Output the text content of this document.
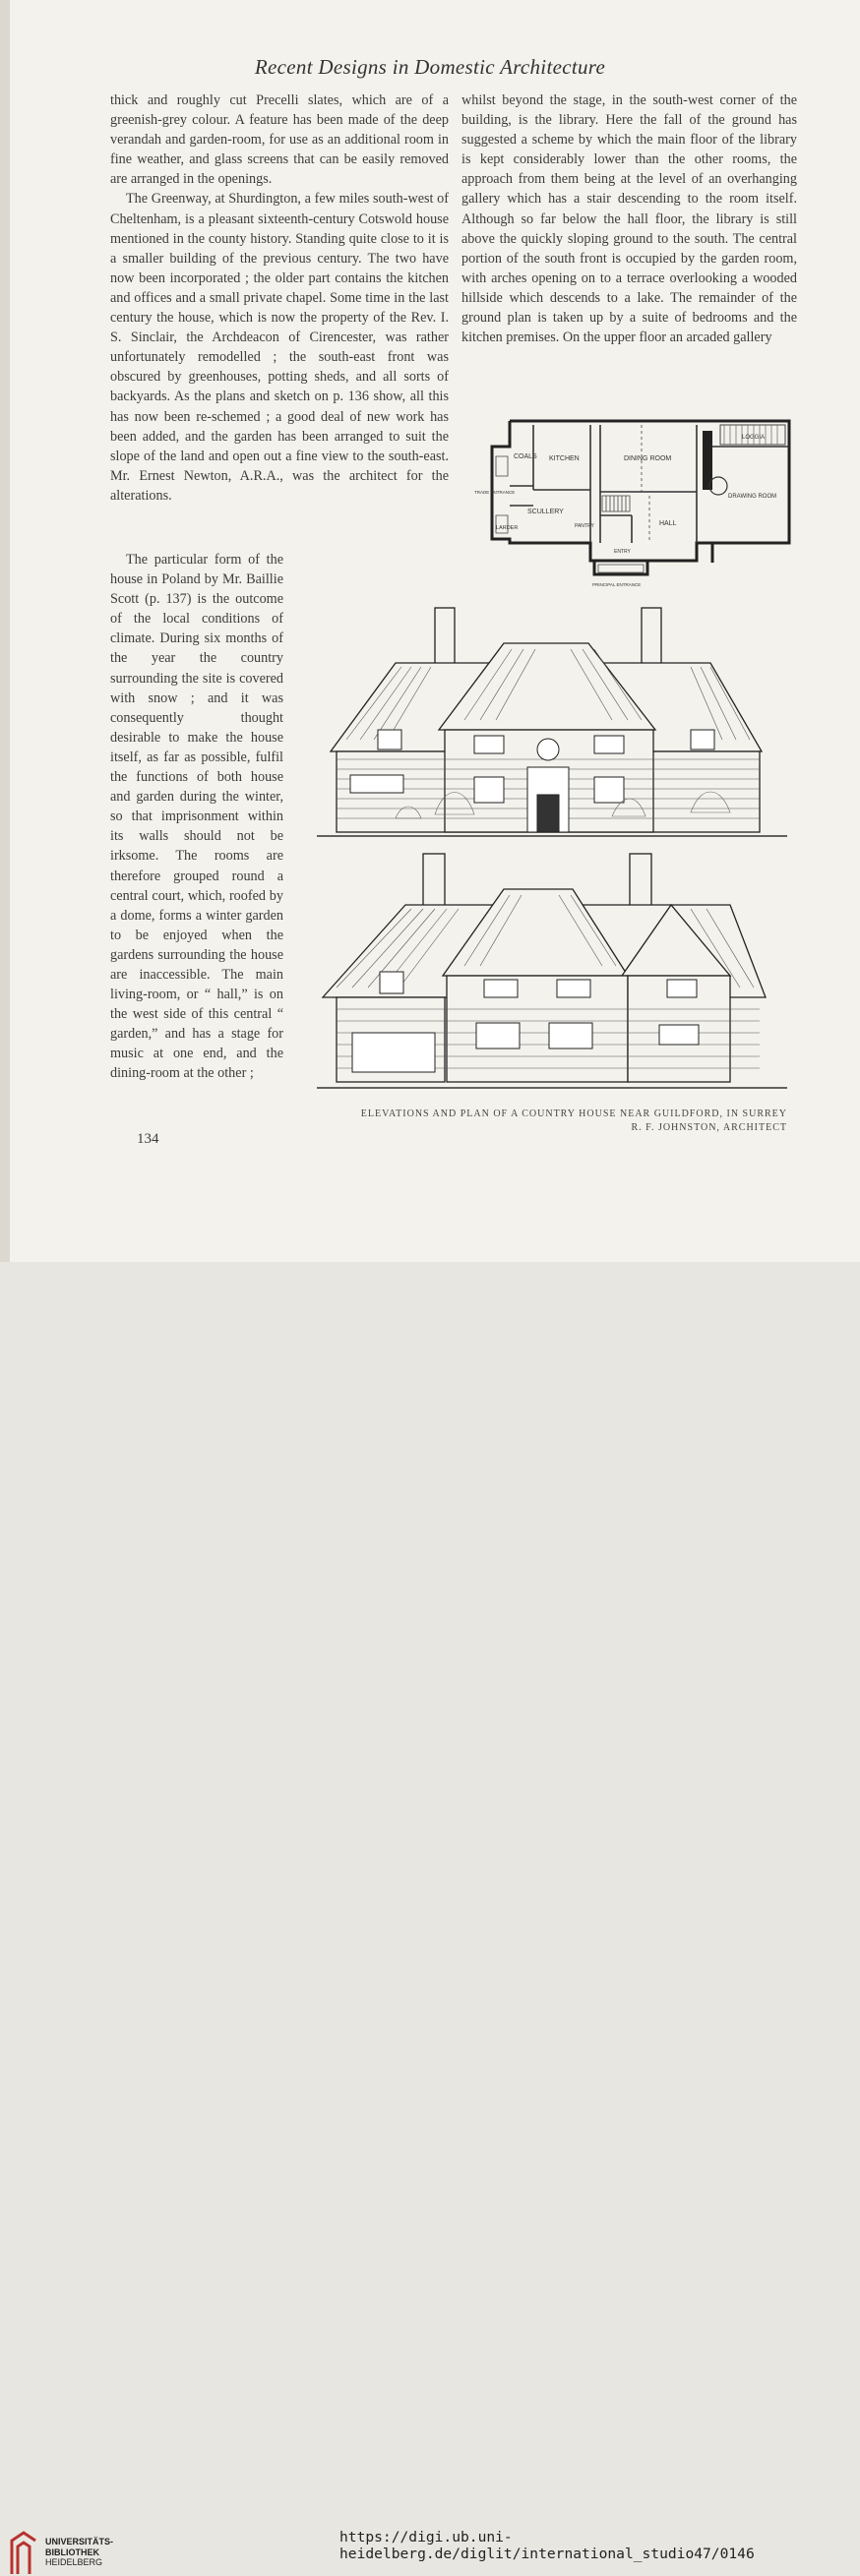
Recent Designs in Domestic Architecture

thick and roughly cut Precelli slates, which are of a greenish-grey colour. A feature has been made of the deep verandah and garden-room, for use as an additional room in fine weather, and glass screens that can be easily removed are arranged in the openings.

The Greenway, at Shurdington, a few miles south-west of Cheltenham, is a pleasant sixteenth-century Cotswold house mentioned in the county history. Standing quite close to it is a smaller building of the previous century. The two have now been incorporated ; the older part contains the kitchen and offices and a small private chapel. Some time in the last century the house, which is now the property of the Rev. I. S. Sinclair, the Archdeacon of Cirencester, was rather unfortunately remodelled ; the south-east front was obscured by greenhouses, potting sheds, and all sorts of backyards. As the plans and sketch on p. 136 show, all this has now been re-schemed ; a good deal of new work has been added, and the garden has been arranged to suit the slope of the land and open out a fine view to the south-east. Mr. Ernest Newton, A.R.A., was the architect for the alterations.

The particular form of the house in Poland by Mr. Baillie Scott (p. 137) is the outcome of the local conditions of climate. During six months of the year the country surrounding the site is covered with snow ; and it was consequently thought desirable to make the house itself, as far as possible, fulfil the functions of both house and garden during the winter, so that imprisonment within its walls should not be irksome. The rooms are therefore grouped round a central court, which, roofed by a dome, forms a winter garden to be enjoyed when the gardens surrounding the house are inaccessible. The main living-room, or “ hall,” is on the west side of this central “ garden,” and has a stage for music at one end, and the dining-room at the other ;

whilst beyond the stage, in the south-west corner of the building, is the library. Here the fall of the ground has suggested a scheme by which the main floor of the library is kept considerably lower than the other rooms, the approach from them being at the level of an overhanging gallery which has a stair descending to the room itself. Although so far below the hall floor, the library is still above the quickly sloping ground to the south. The central portion of the south front is occupied by the garden room, with arches opening on to a terrace overlooking a wooded hillside which descends to a lake. The remainder of the ground plan is taken up by a suite of bedrooms and the kitchen premises. On the upper floor an arcaded gallery

COALS KITCHEN	DINING ROOM
LOGGIA
DRAWING ROOM
SCULLERY
HALL
LARDER	PANTRY
ENTRY
TRADE ENTRANCE
PRINCIPAL ENTRANCE
ELEVATIONS AND PLAN OF A COUNTRY HOUSE NEAR GUILDFORD, IN SURREY
R. F. JOHNSTON, ARCHITECT
134
UNIVERSITÄTS-
BIBLIOTHEK
HEIDELBERG
https://digi.ub.uni-heidelberg.de/diglit/international_studio47/0146
